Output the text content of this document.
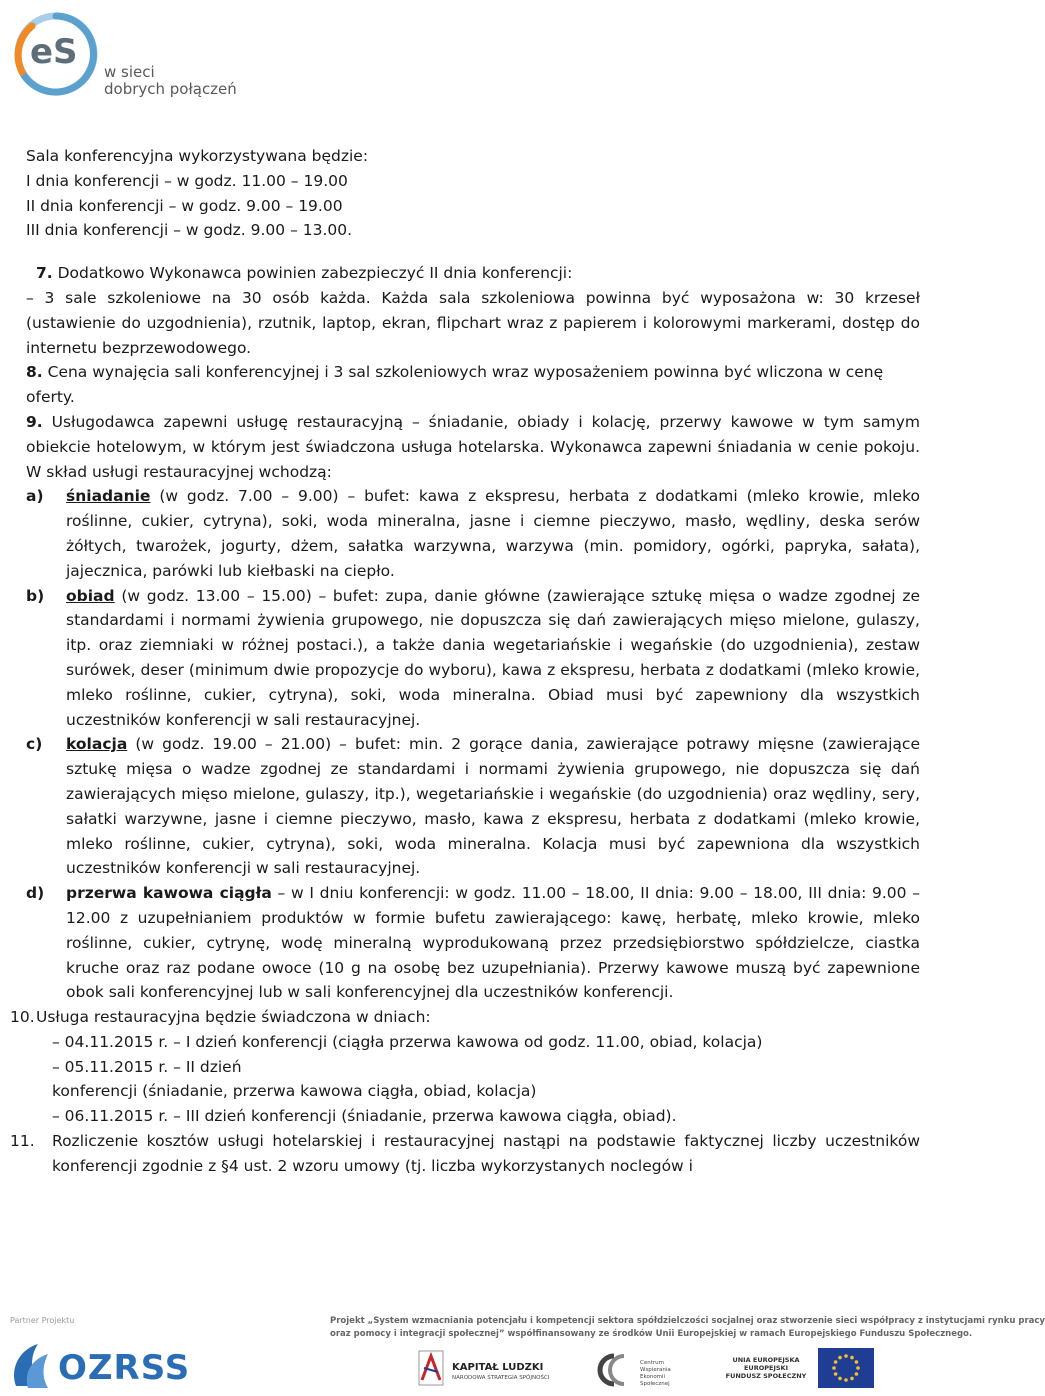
eS w sieci
dobrych połączeń

Sala konferencyjna wykorzystywana będzie:

I dnia konferencji – w godz. 11.00 – 19.00

II dnia konferencji – w godz. 9.00 – 19.00

III dnia konferencji – w godz. 9.00 – 13.00.

7. Dodatkowo Wykonawca powinien zabezpieczyć II dnia konferencji:

– 3 sale szkoleniowe na 30 osób każda. Każda sala szkoleniowa powinna być wyposażona w: 30 krzeseł (ustawienie do uzgodnienia), rzutnik, laptop, ekran, flipchart wraz z papierem i kolorowymi markerami, dostęp do internetu bezprzewodowego.

8. Cena wynajęcia sali konferencyjnej i 3 sal szkoleniowych wraz wyposażeniem powinna być wliczona w cenę oferty.

9. Usługodawca zapewni usługę restauracyjną – śniadanie, obiady i kolację, przerwy kawowe w tym samym obiekcie hotelowym, w którym jest świadczona usługa hotelarska. Wykonawca zapewni śniadania w cenie pokoju. W skład usługi restauracyjnej wchodzą:

a) śniadanie (w godz. 7.00 – 9.00) – bufet: kawa z ekspresu, herbata z dodatkami (mleko krowie, mleko roślinne, cukier, cytryna), soki, woda mineralna, jasne i ciemne pieczywo, masło, wędliny, deska serów żółtych, twarożek, jogurty, dżem, sałatka warzywna, warzywa (min. pomidory, ogórki, papryka, sałata), jajecznica, parówki lub kiełbaski na ciepło.
b) obiad (w godz. 13.00 – 15.00) – bufet: zupa, danie główne (zawierające sztukę mięsa o wadze zgodnej ze standardami i normami żywienia grupowego, nie dopuszcza się dań zawierających mięso mielone, gulaszy, itp. oraz ziemniaki w różnej postaci.), a także dania wegetariańskie i wegańskie (do uzgodnienia), zestaw surówek, deser (minimum dwie propozycje do wyboru), kawa z ekspresu, herbata z dodatkami (mleko krowie, mleko roślinne, cukier, cytryna), soki, woda mineralna. Obiad musi być zapewniony dla wszystkich uczestników konferencji w sali restauracyjnej.
c) kolacja (w godz. 19.00 – 21.00) – bufet: min. 2 gorące dania, zawierające potrawy mięsne (zawierające sztukę mięsa o wadze zgodnej ze standardami i normami żywienia grupowego, nie dopuszcza się dań zawierających mięso mielone, gulaszy, itp.), wegetariańskie i wegańskie (do uzgodnienia) oraz wędliny, sery, sałatki warzywne, jasne i ciemne pieczywo, masło, kawa z ekspresu, herbata z dodatkami (mleko krowie, mleko roślinne, cukier, cytryna), soki, woda mineralna. Kolacja musi być zapewniona dla wszystkich uczestników konferencji w sali restauracyjnej.
d) przerwa kawowa ciągła – w I dniu konferencji: w godz. 11.00 – 18.00, II dnia: 9.00 – 18.00, III dnia: 9.00 – 12.00 z uzupełnianiem produktów w formie bufetu zawierającego: kawę, herbatę, mleko krowie, mleko roślinne, cukier, cytrynę, wodę mineralną wyprodukowaną przez przedsiębiorstwo spółdzielcze, ciastka kruche oraz raz podane owoce (10 g na osobę bez uzupełniania). Przerwy kawowe muszą być zapewnione obok sali konferencyjnej lub w sali konferencyjnej dla uczestników konferencji.

10. Usługa restauracyjna będzie świadczona w dniach:

– 04.11.2015 r. – I dzień konferencji (ciągła przerwa kawowa od godz. 11.00, obiad, kolacja)

– 05.11.2015 r. – II dzień

konferencji (śniadanie, przerwa kawowa ciągła, obiad, kolacja)

– 06.11.2015 r. – III dzień konferencji (śniadanie, przerwa kawowa ciągła, obiad).

11. Rozliczenie kosztów usługi hotelarskiej i restauracyjnej nastąpi na podstawie faktycznej liczby uczestników konferencji zgodnie z §4 ust. 2 wzoru umowy (tj. liczba wykorzystanych noclegów i
Partner Projektu
OZRSS
Projekt „System wzmacniania potencjału i kompetencji sektora spółdzielczości socjalnej oraz stworzenie sieci współpracy z instytucjami rynku pracy
oraz pomocy i integracji społecznej” współfinansowany ze środków Unii Europejskiej w ramach Europejskiego Funduszu Społecznego.
KAPITAŁ LUDZKI
NARODOWA STRATEGIA SPÓJNOŚCI
Centrum Wspierania Ekonomii Społecznej
UNIA EUROPEJSKA
EUROPEJSKI
FUNDUSZ SPOŁECZNY
